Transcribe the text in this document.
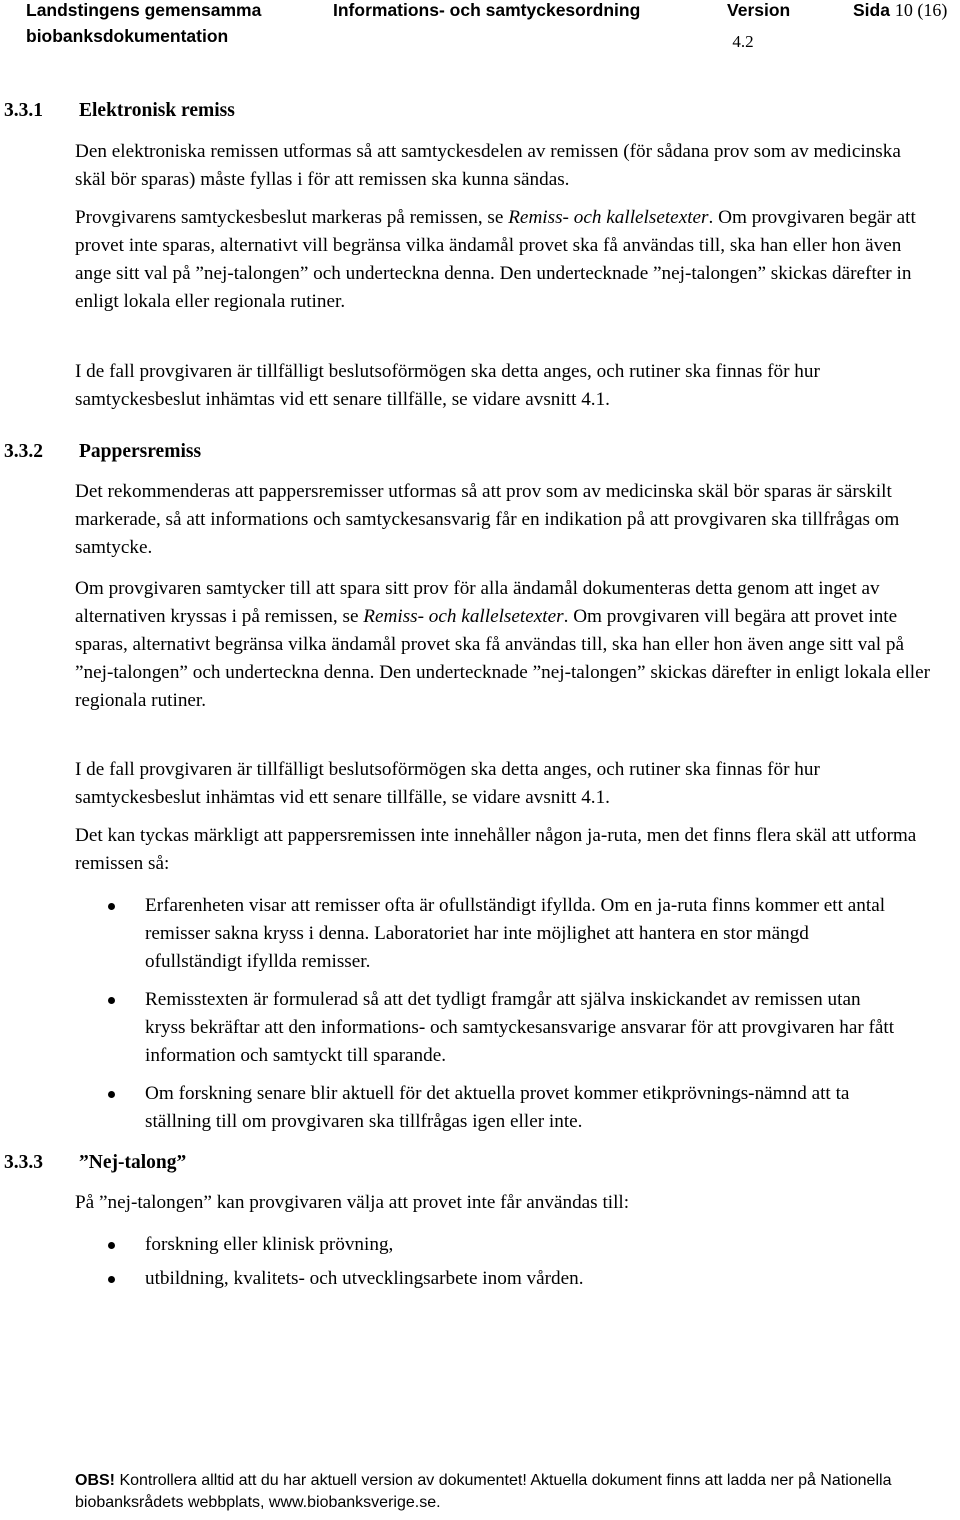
Landstingens gemensamma biobanksdokumentation
Informations- och samtyckesordning	Version
4.2
Sida 10 (16)
3.3.1 Elektronisk remiss

Den elektroniska remissen utformas så att samtyckesdelen av remissen (för sådana prov som av medicinska skäl bör sparas) måste fyllas i för att remissen ska kunna sändas.

Provgivarens samtyckesbeslut markeras på remissen, se Remiss- och kallelsetexter. Om provgivaren begär att provet inte sparas, alternativt vill begränsa vilka ändamål provet ska få användas till, ska han eller hon även ange sitt val på ”nej-talongen” och underteckna denna. Den undertecknade ”nej-talongen” skickas därefter in enligt lokala eller regionala rutiner.

I de fall provgivaren är tillfälligt beslutsoförmögen ska detta anges, och rutiner ska finnas för hur samtyckesbeslut inhämtas vid ett senare tillfälle, se vidare avsnitt 4.1.

3.3.2 Pappersremiss

Det rekommenderas att pappersremisser utformas så att prov som av medicinska skäl bör sparas är särskilt markerade, så att informations och samtyckesansvarig får en indikation på att provgivaren ska tillfrågas om samtycke.

Om provgivaren samtycker till att spara sitt prov för alla ändamål dokumenteras detta genom att inget av alternativen kryssas i på remissen, se Remiss- och kallelsetexter. Om provgivaren vill begära att provet inte sparas, alternativt begränsa vilka ändamål provet ska få användas till, ska han eller hon även ange sitt val på ”nej-talongen” och underteckna denna. Den undertecknade ”nej-talongen” skickas därefter in enligt lokala eller regionala rutiner.

I de fall provgivaren är tillfälligt beslutsoförmögen ska detta anges, och rutiner ska finnas för hur samtyckesbeslut inhämtas vid ett senare tillfälle, se vidare avsnitt 4.1.

Det kan tyckas märkligt att pappersremissen inte innehåller någon ja-ruta, men det finns flera skäl att utforma remissen så:

Erfarenheten visar att remisser ofta är ofullständigt ifyllda. Om en ja-ruta finns kommer ett antal remisser sakna kryss i denna. Laboratoriet har inte möjlighet att hantera en stor mängd ofullständigt ifyllda remisser.
Remisstexten är formulerad så att det tydligt framgår att själva inskickandet av remissen utan kryss bekräftar att den informations- och samtyckesansvarige ansvarar för att provgivaren har fått information och samtyckt till sparande.
Om forskning senare blir aktuell för det aktuella provet kommer etikprövnings-nämnd att ta ställning till om provgivaren ska tillfrågas igen eller inte.
3.3.3 ”Nej-talong”

På ”nej-talongen” kan provgivaren välja att provet inte får användas till:

forskning eller klinisk prövning,
utbildning, kvalitets- och utvecklingsarbete inom vården.
OBS! Kontrollera alltid att du har aktuell version av dokumentet! Aktuella dokument finns att ladda ner på Nationella biobanksrådets webbplats, www.biobanksverige.se.
